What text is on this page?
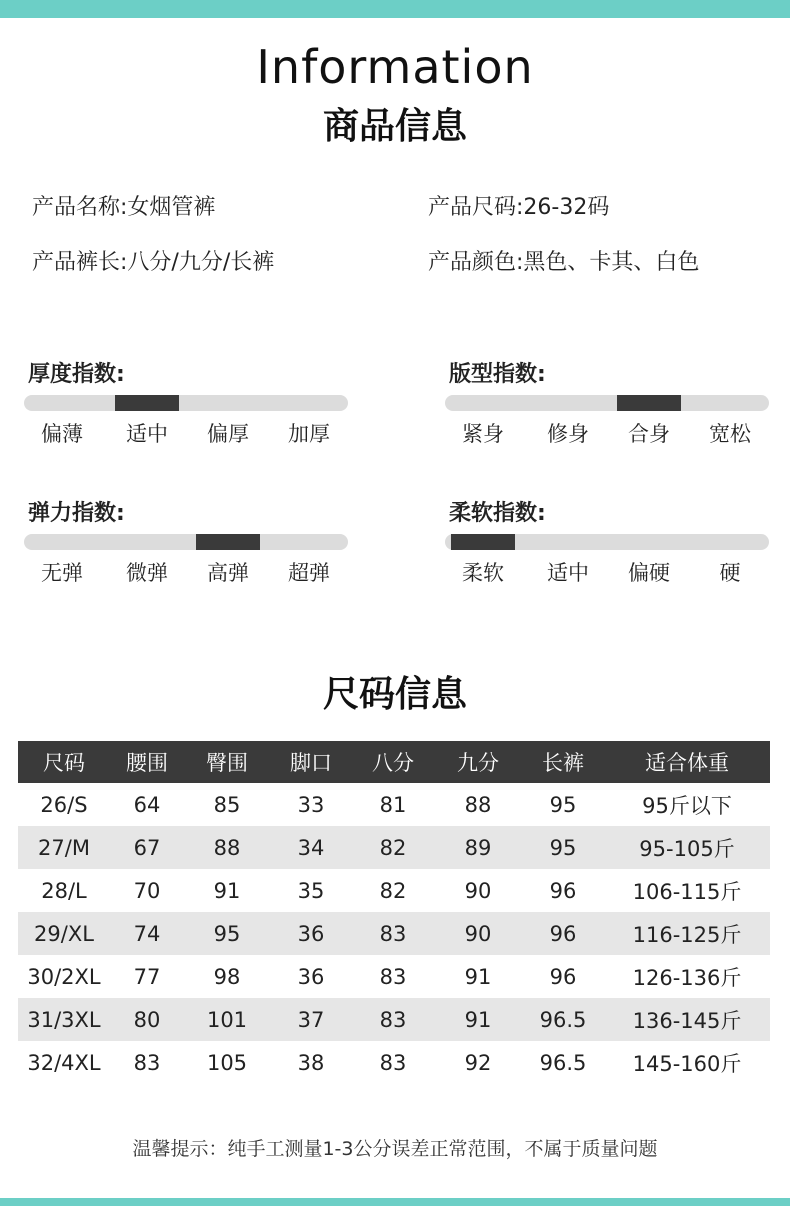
Information
商品信息
产品名称:女烟管裤	产品尺码:26-32码
产品裤长:八分/九分/长裤	产品颜色:黑色、卡其、白色
厚度指数:
偏薄	适中	偏厚	加厚
版型指数:
紧身	修身	合身	宽松
弹力指数:
无弹	微弹	高弹	超弹
柔软指数:
柔软	适中	偏硬	硬
尺码信息
尺码	腰围	臀围	脚口	八分	九分	长裤	适合体重
26/S	64	85	33	81	88	95	95斤以下
27/M	67	88	34	82	89	95	95-105斤
28/L	70	91	35	82	90	96	106-115斤
29/XL	74	95	36	83	90	96	116-125斤
30/2XL	77	98	36	83	91	96	126-136斤
31/3XL	80	101	37	83	91	96.5	136-145斤
32/4XL	83	105	38	83	92	96.5	145-160斤
温馨提示：纯手工测量1-3公分误差正常范围，不属于质量问题
